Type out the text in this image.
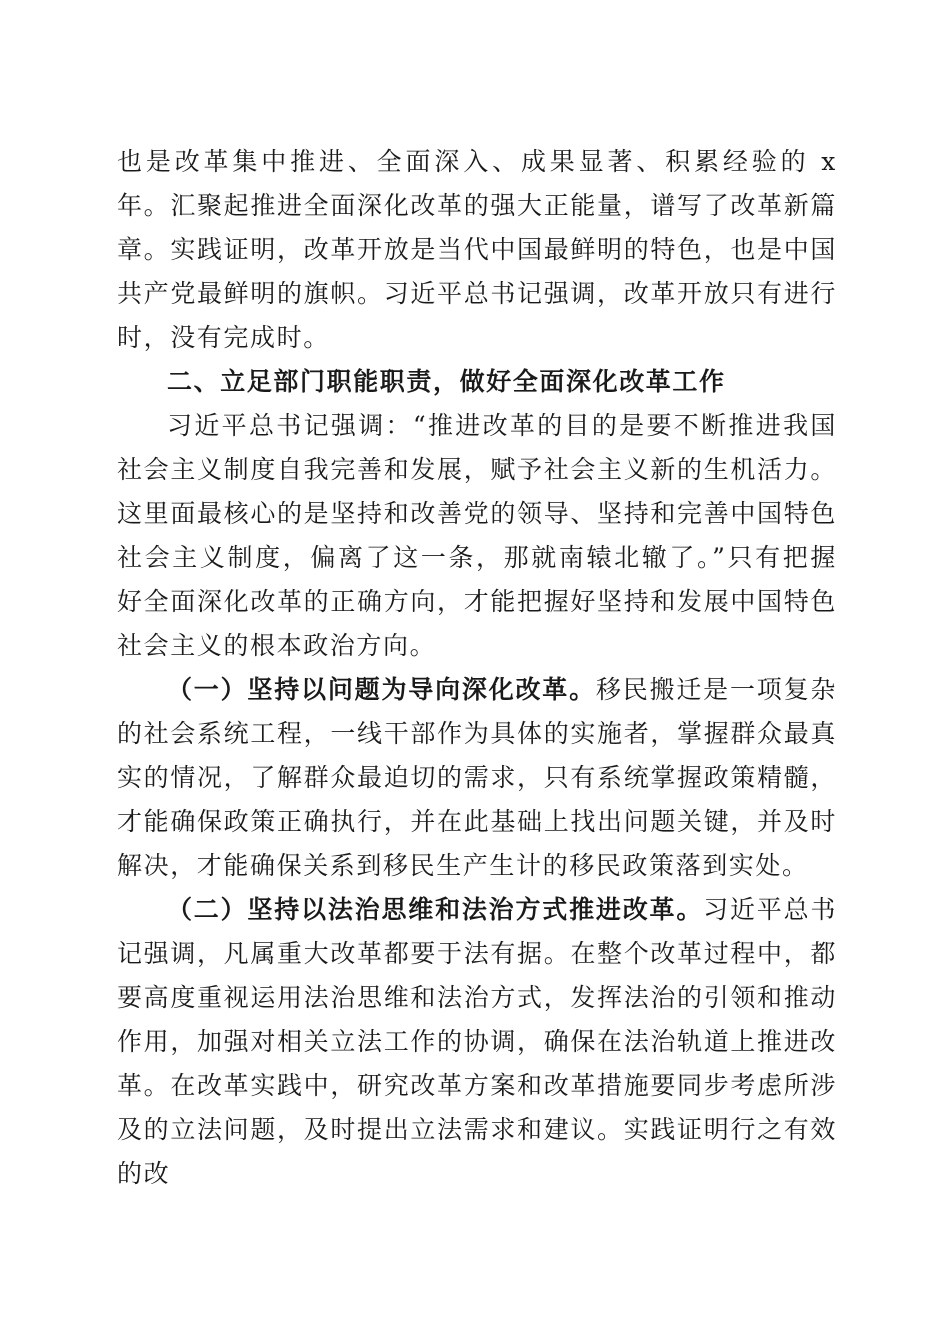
也是改革集中推进、全面深入、成果显著、积累经验的 x 年。汇聚起推进全面深化改革的强大正能量，谱写了改革新篇章。实践证明，改革开放是当代中国最鲜明的特色，也是中国共产党最鲜明的旗帜。习近平总书记强调，改革开放只有进行时，没有完成时。

二、立足部门职能职责，做好全面深化改革工作

习近平总书记强调：“推进改革的目的是要不断推进我国社会主义制度自我完善和发展，赋予社会主义新的生机活力。这里面最核心的是坚持和改善党的领导、坚持和完善中国特色社会主义制度，偏离了这一条，那就南辕北辙了。”只有把握好全面深化改革的正确方向，才能把握好坚持和发展中国特色社会主义的根本政治方向。

（一）坚持以问题为导向深化改革。移民搬迁是一项复杂的社会系统工程，一线干部作为具体的实施者，掌握群众最真实的情况，了解群众最迫切的需求，只有系统掌握政策精髓，才能确保政策正确执行，并在此基础上找出问题关键，并及时解决，才能确保关系到移民生产生计的移民政策落到实处。

（二）坚持以法治思维和法治方式推进改革。习近平总书记强调，凡属重大改革都要于法有据。在整个改革过程中，都要高度重视运用法治思维和法治方式，发挥法治的引领和推动作用，加强对相关立法工作的协调，确保在法治轨道上推进改革。在改革实践中，研究改革方案和改革措施要同步考虑所涉及的立法问题，及时提出立法需求和建议。实践证明行之有效的改
